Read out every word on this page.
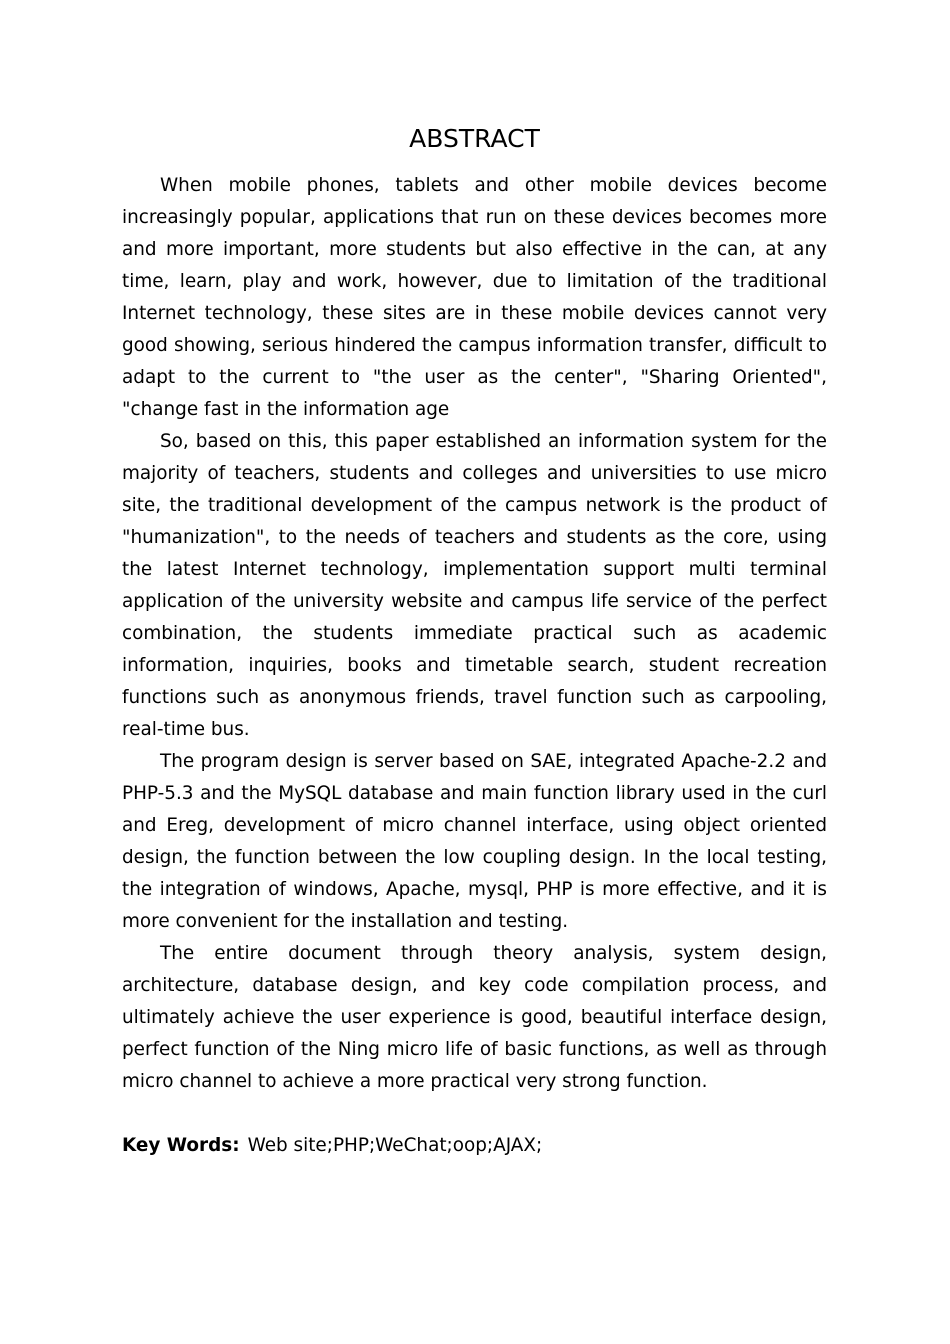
ABSTRACT

When mobile phones, tablets and other mobile devices become increasingly popular, applications that run on these devices becomes more and more important, more students but also effective in the can, at any time, learn, play and work, however, due to limitation of the traditional Internet technology, these sites are in these mobile devices cannot very good showing, serious hindered the campus information transfer, difficult to adapt to the current to "the user as the center", "Sharing Oriented", "change fast in the information age

So, based on this, this paper established an information system for the majority of teachers, students and colleges and universities to use micro site, the traditional development of the campus network is the product of "humanization", to the needs of teachers and students as the core, using the latest Internet technology, implementation support multi terminal application of the university website and campus life service of the perfect combination, the students immediate practical such as academic information, inquiries, books and timetable search, student recreation functions such as anonymous friends, travel function such as carpooling, real-time bus.

The program design is server based on SAE, integrated Apache-2.2 and PHP-5.3 and the MySQL database and main function library used in the curl and Ereg, development of micro channel interface, using object oriented design, the function between the low coupling design. In the local testing, the integration of windows, Apache, mysql, PHP is more effective, and it is more convenient for the installation and testing.

The entire document through theory analysis, system design, architecture, database design, and key code compilation process, and ultimately achieve the user experience is good, beautiful interface design, perfect function of the Ning micro life of basic functions, as well as through micro channel to achieve a more practical very strong function.

Key Words: Web site;PHP;WeChat;oop;AJAX;
